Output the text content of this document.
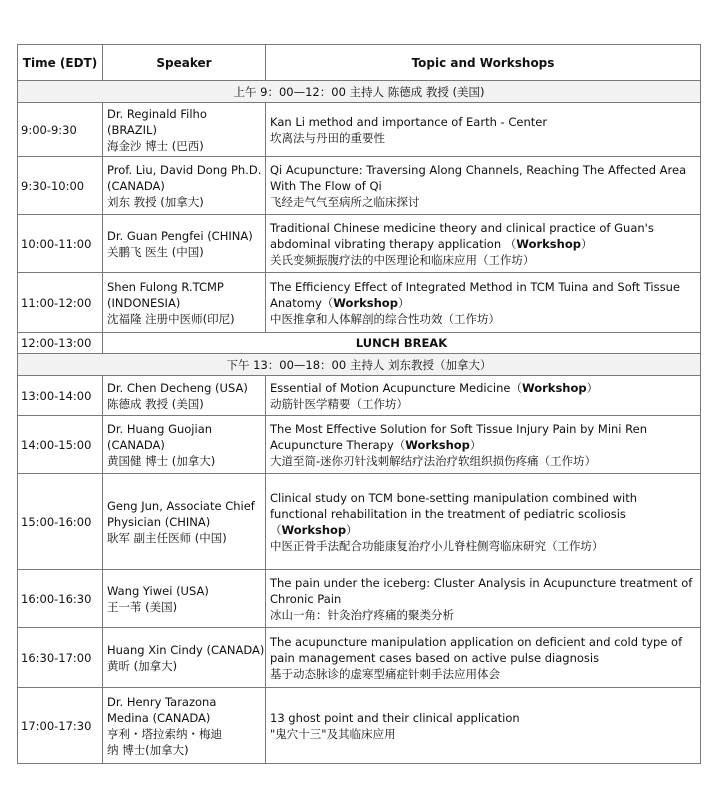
Time (EDT)	Speaker	Topic and Workshops
上午 9：00—12：00 主持人 陈德成 教授 (美国)		
9:00-9:30	Dr. Reginald Filho
(BRAZIL)
海金沙 博士 (巴西)	Kan Li method and importance of Earth - Center
坎离法与丹田的重要性

9:30-10:00	Prof. Liu, David Dong Ph.D.
(CANADA)
刘东 教授 (加拿大)	Qi Acupuncture: Traversing Along Channels, Reaching The Affected Area With The Flow of Qi
飞经走气气至病所之临床探讨

10:00-11:00	Dr. Guan Pengfei (CHINA)
关鹏飞 医生 (中国)	Traditional Chinese medicine theory and clinical practice of Guan's abdominal vibrating therapy application （Workshop）
关氏变频振腹疗法的中医理论和临床应用（工作坊）

11:00-12:00	Shen Fulong R.TCMP
(INDONESIA)
沈福隆 注册中医师(印尼)	The Efficiency Effect of Integrated Method in TCM Tuina and Soft Tissue Anatomy（Workshop）
中医推拿和人体解剖的综合性功效（工作坊）

12:00-13:00	LUNCH BREAK	
下午 13：00—18：00 主持人 刘东教授（加拿大）		
13:00-14:00	Dr. Chen Decheng (USA)
陈德成 教授 (美国)	Essential of Motion Acupuncture Medicine（Workshop）
动筋针医学精要（工作坊）

14:00-15:00	Dr. Huang Guojian
(CANADA)
黄国健 博士 (加拿大)	The Most Effective Solution for Soft Tissue Injury Pain by Mini Ren Acupuncture Therapy（Workshop）
大道至简-迷你刃针浅刺解结疗法治疗软组织损伤疼痛（工作坊）

15:00-16:00	Geng Jun, Associate Chief
Physician (CHINA)
耿军 副主任医师 (中国)	Clinical study on TCM bone-setting manipulation combined with functional rehabilitation in the treatment of pediatric scoliosis （Workshop）
中医正骨手法配合功能康复治疗小儿脊柱侧弯临床研究（工作坊）

16:00-16:30	Wang Yiwei (USA)
王一苇 (美国)	The pain under the iceberg: Cluster Analysis in Acupuncture treatment of Chronic Pain
冰山一角：针灸治疗疼痛的聚类分析

16:30-17:00	Huang Xin Cindy (CANADA)
黄昕 (加拿大)	The acupuncture manipulation application on deficient and cold type of pain management cases based on active pulse diagnosis
基于动态脉诊的虚寒型痛症针刺手法应用体会

17:00-17:30	Dr. Henry Tarazona
Medina (CANADA)
亨利・塔拉索纳・梅迪
纳 博士(加拿大)	13 ghost point and their clinical application
"鬼穴十三"及其临床应用
